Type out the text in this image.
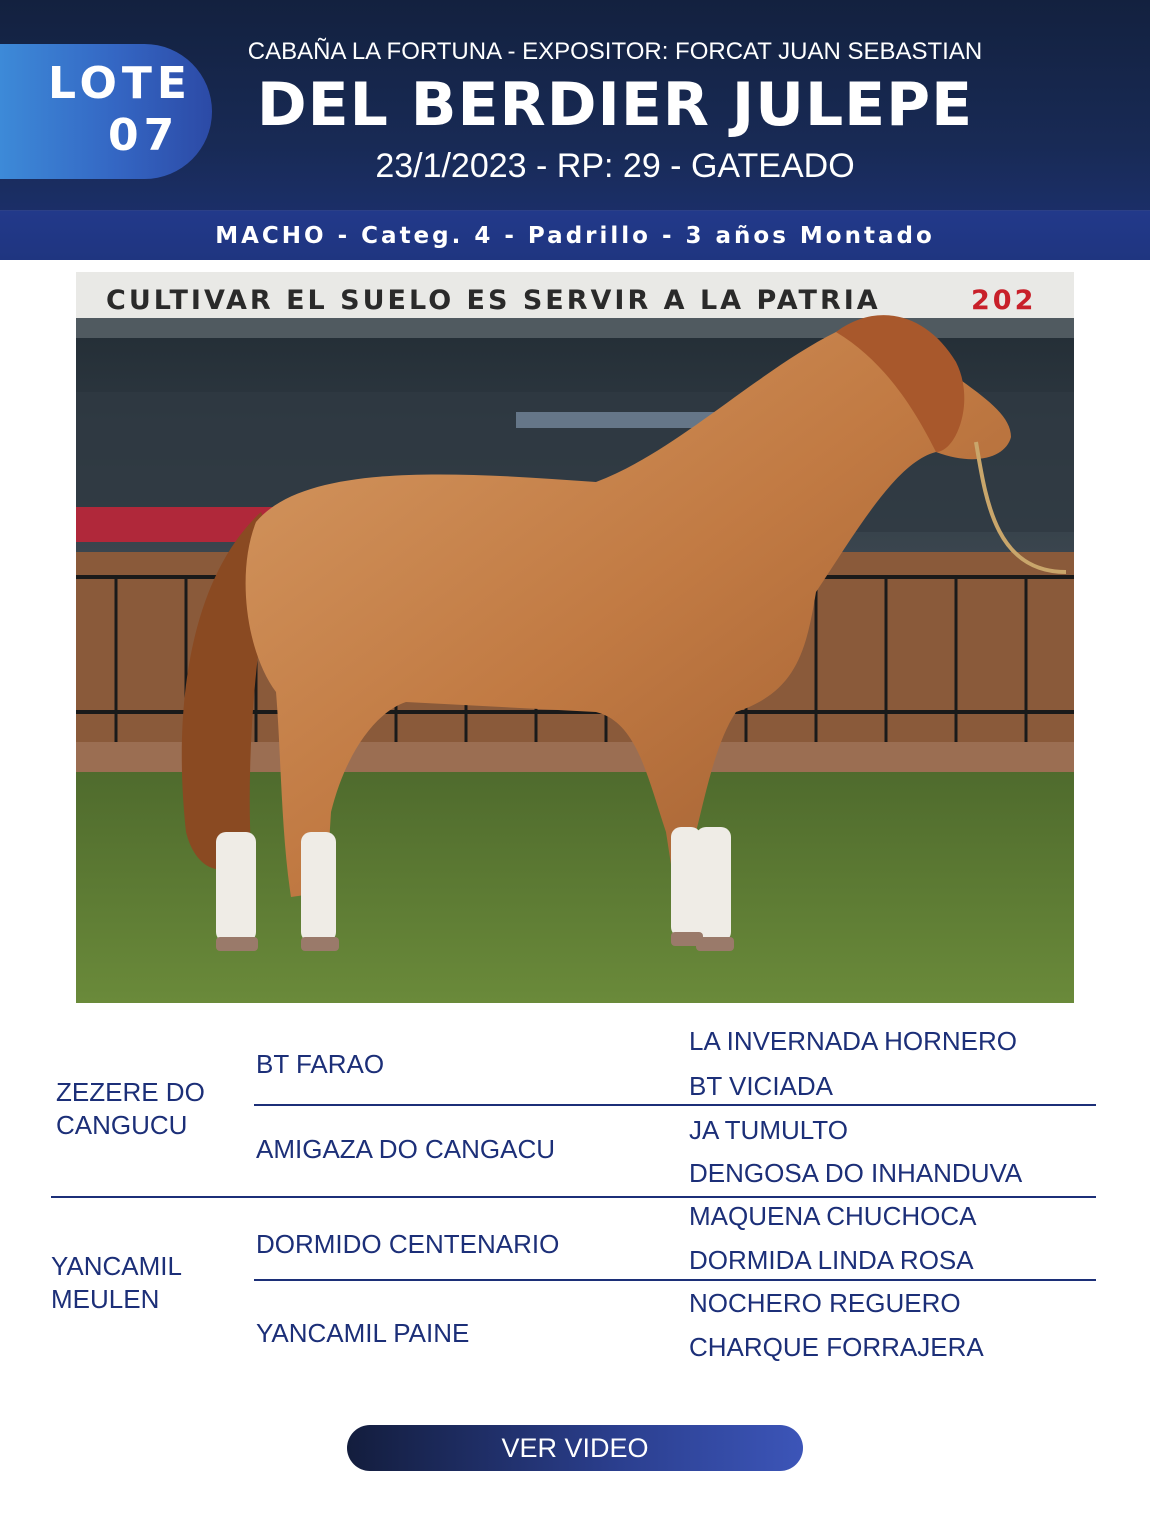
MACHO - Categ. 4 - Padrillo - 3 años Montado
LOTE
07
CABAÑA LA FORTUNA - EXPOSITOR: FORCAT JUAN SEBASTIAN
DEL BERDIER JULEPE
23/1/2023 - RP: 29 - GATEADO
CULTIVAR EL SUELO ES SERVIR A LA PATRIA	202
ZEZERE DO CANGUCU
BT FARAO
AMIGAZA DO CANGACU
LA INVERNADA HORNERO
BT VICIADA
JA TUMULTO
DENGOSA DO INHANDUVA
YANCAMIL MEULEN
DORMIDO CENTENARIO
YANCAMIL PAINE
MAQUENA CHUCHOCA
DORMIDA LINDA ROSA
NOCHERO REGUERO
CHARQUE FORRAJERA
VER VIDEO
